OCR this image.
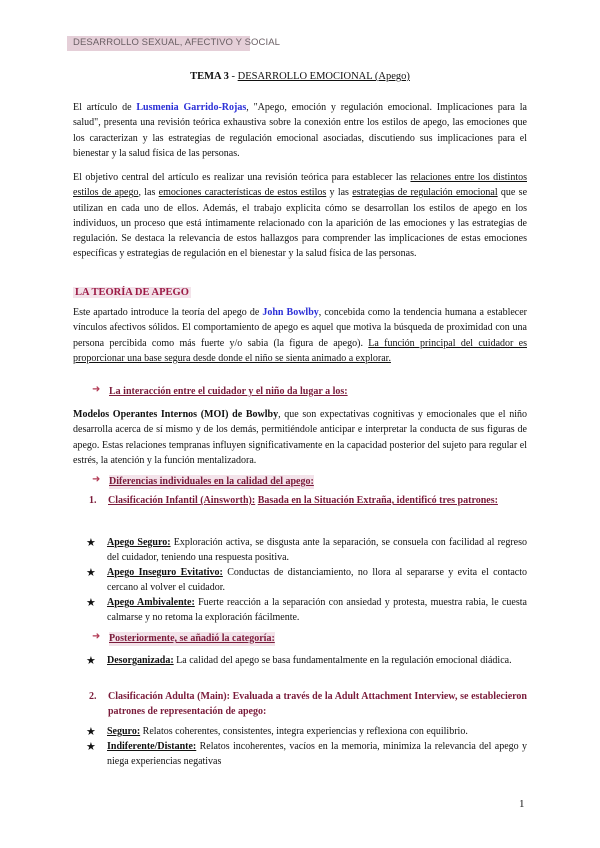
DESARROLLO SEXUAL, AFECTIVO Y SOCIAL
TEMA 3 - DESARROLLO EMOCIONAL (Apego)
El artículo de Lusmenia Garrido-Rojas, "Apego, emoción y regulación emocional. Implicaciones para la salud", presenta una revisión teórica exhaustiva sobre la conexión entre los estilos de apego, las emociones que los caracterizan y las estrategias de regulación emocional asociadas, discutiendo sus implicaciones para el bienestar y la salud física de las personas.
El objetivo central del artículo es realizar una revisión teórica para establecer las relaciones entre los distintos estilos de apego, las emociones características de estos estilos y las estrategias de regulación emocional que se utilizan en cada uno de ellos. Además, el trabajo explicita cómo se desarrollan los estilos de apego en los individuos, un proceso que está íntimamente relacionado con la aparición de las emociones y las estrategias de regulación. Se destaca la relevancia de estos hallazgos para comprender las implicaciones de estas emociones específicas y estrategias de regulación en el bienestar y la salud física de las personas.
LA TEORÍA DE APEGO
Este apartado introduce la teoría del apego de John Bowlby, concebida como la tendencia humana a establecer vínculos afectivos sólidos. El comportamiento de apego es aquel que motiva la búsqueda de proximidad con una persona percibida como más fuerte y/o sabia (la figura de apego). La función principal del cuidador es proporcionar una base segura desde donde el niño se sienta animado a explorar.
➜ La interacción entre el cuidador y el niño da lugar a los:
Modelos Operantes Internos (MOI) de Bowlby, que son expectativas cognitivas y emocionales que el niño desarrolla acerca de sí mismo y de los demás, permitiéndole anticipar e interpretar la conducta de sus figuras de apego. Estas relaciones tempranas influyen significativamente en la capacidad posterior del sujeto para regular el estrés, la atención y la función mentalizadora.
➜ Diferencias individuales en la calidad del apego:
1. Clasificación Infantil (Ainsworth): Basada en la Situación Extraña, identificó tres patrones:
★ Apego Seguro: Exploración activa, se disgusta ante la separación, se consuela con facilidad al regreso del cuidador, teniendo una respuesta positiva.
★ Apego Inseguro Evitativo: Conductas de distanciamiento, no llora al separarse y evita el contacto cercano al volver el cuidador.
★ Apego Ambivalente: Fuerte reacción a la separación con ansiedad y protesta, muestra rabia, le cuesta calmarse y no retoma la exploración fácilmente.
➜ Posteriormente, se añadió la categoría:
★ Desorganizada: La calidad del apego se basa fundamentalmente en la regulación emocional diádica.
2. Clasificación Adulta (Main): Evaluada a través de la Adult Attachment Interview, se establecieron patrones de representación de apego:
★ Seguro: Relatos coherentes, consistentes, integra experiencias y reflexiona con equilibrio.
★ Indiferente/Distante: Relatos incoherentes, vacíos en la memoria, minimiza la relevancia del apego y niega experiencias negativas
1
